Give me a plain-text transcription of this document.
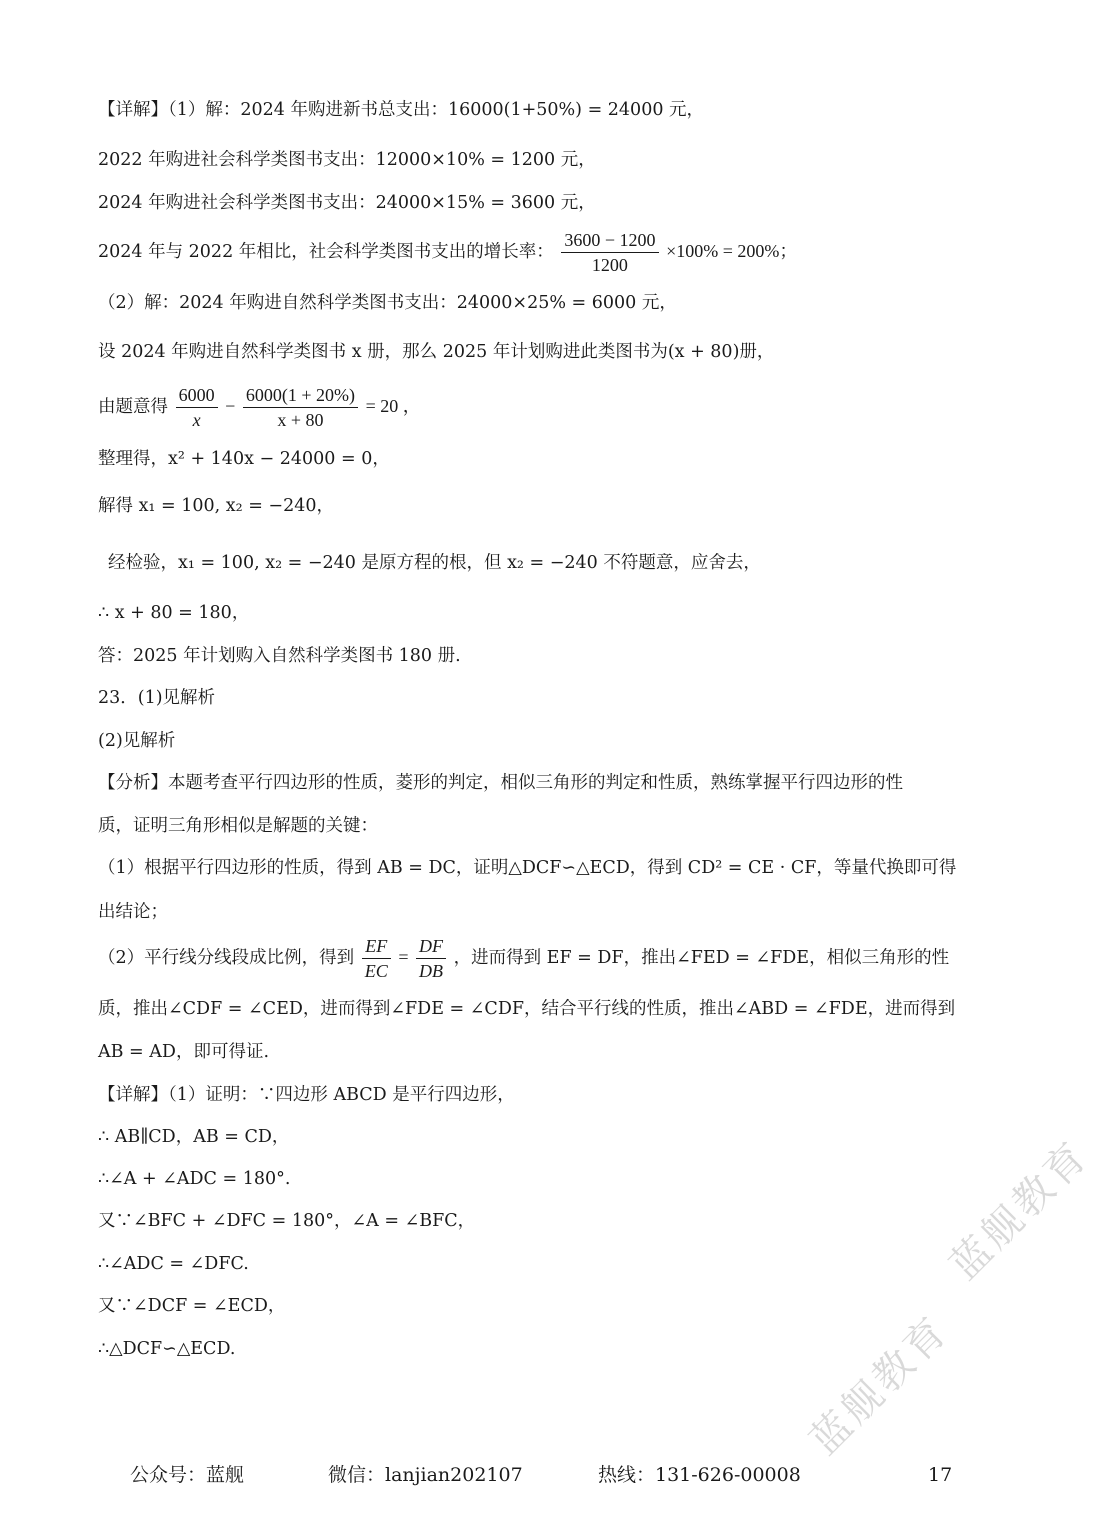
【详解】（1）解：2024 年购进新书总支出：16000(1+50%) = 24000 元，
2022 年购进社会科学类图书支出：12000×10% = 1200 元，
2024 年购进社会科学类图书支出：24000×15% = 3600 元，
2024 年与 2022 年相比，社会科学类图书支出的增长率： $\frac{3600 - 1200}{1200} \times 100\% = 200\%$；
（2）解：2024 年购进自然科学类图书支出：24000×25% = 6000 元，
设 2024 年购进自然科学类图书 x 册，那么 2025 年计划购进此类图书为(x + 80)册，
由题意得 $\frac{6000}{x} - \frac{6000(1 + 20\%)}{x + 80} = 20$ ，
整理得，x² + 140x − 24000 = 0，
解得 x₁ = 100, x₂ = −240，
经检验，x₁ = 100, x₂ = −240 是原方程的根，但 x₂ = −240 不符题意，应舍去，
∴ x + 80 = 180，
答：2025 年计划购入自然科学类图书 180 册.
23．(1)见解析
(2)见解析
【分析】本题考查平行四边形的性质，菱形的判定，相似三角形的判定和性质，熟练掌握平行四边形的性
质，证明三角形相似是解题的关键：
（1）根据平行四边形的性质，得到 AB = DC，证明△DCF∽△ECD，得到 CD² = CE · CF，等量代换即可得
出结论；
（2）平行线分线段成比例，得到 $\frac{EF}{EC} = \frac{DF}{DB}$ ，进而得到 EF = DF，推出∠FED = ∠FDE，相似三角形的性
质，推出∠CDF = ∠CED，进而得到∠FDE = ∠CDF，结合平行线的性质，推出∠ABD = ∠FDE，进而得到
AB = AD，即可得证.
【详解】（1）证明：∵四边形 ABCD 是平行四边形，
∴ AB∥CD，AB = CD，
∴∠A + ∠ADC = 180°.
又∵∠BFC + ∠DFC = 180°，∠A = ∠BFC，
∴∠ADC = ∠DFC.
又∵∠DCF = ∠ECD，
∴△DCF∽△ECD.
蓝舰教育
蓝舰教育
公众号：蓝舰	微信：lanjian202107	热线：131-626-00008	17
